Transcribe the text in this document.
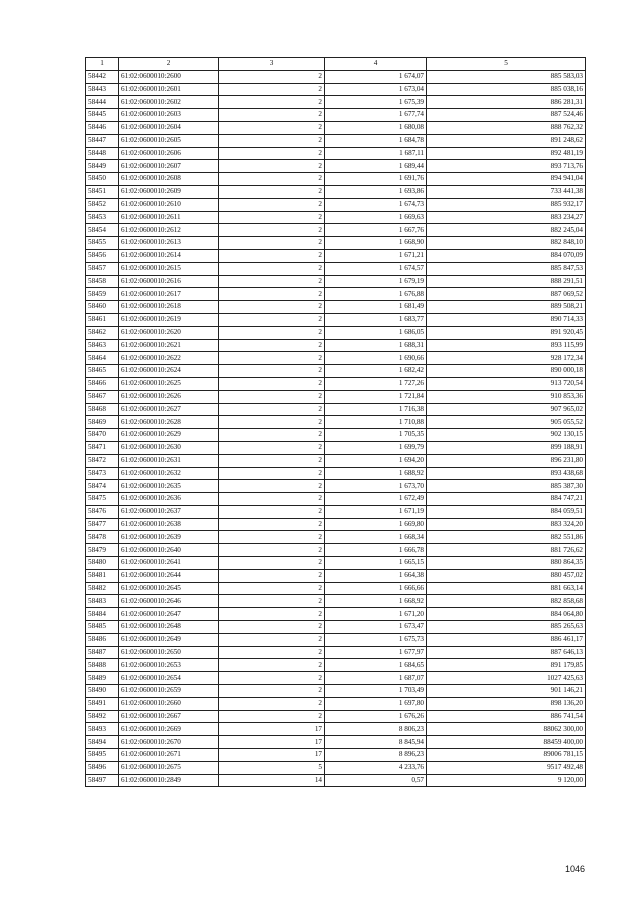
1	2	3	4	5
58442	61:02:0600010:2600	2	1 674,07	885 583,03
58443	61:02:0600010:2601	2	1 673,04	885 038,16
58444	61:02:0600010:2602	2	1 675,39	886 281,31
58445	61:02:0600010:2603	2	1 677,74	887 524,46
58446	61:02:0600010:2604	2	1 680,08	888 762,32
58447	61:02:0600010:2605	2	1 684,78	891 248,62
58448	61:02:0600010:2606	2	1 687,11	892 481,19
58449	61:02:0600010:2607	2	1 689,44	893 713,76
58450	61:02:0600010:2608	2	1 691,76	894 941,04
58451	61:02:0600010:2609	2	1 693,86	733 441,38
58452	61:02:0600010:2610	2	1 674,73	885 932,17
58453	61:02:0600010:2611	2	1 669,63	883 234,27
58454	61:02:0600010:2612	2	1 667,76	882 245,04
58455	61:02:0600010:2613	2	1 668,90	882 848,10
58456	61:02:0600010:2614	2	1 671,21	884 070,09
58457	61:02:0600010:2615	2	1 674,57	885 847,53
58458	61:02:0600010:2616	2	1 679,19	888 291,51
58459	61:02:0600010:2617	2	1 676,88	887 069,52
58460	61:02:0600010:2618	2	1 681,49	889 508,21
58461	61:02:0600010:2619	2	1 683,77	890 714,33
58462	61:02:0600010:2620	2	1 686,05	891 920,45
58463	61:02:0600010:2621	2	1 688,31	893 115,99
58464	61:02:0600010:2622	2	1 690,66	928 172,34
58465	61:02:0600010:2624	2	1 682,42	890 000,18
58466	61:02:0600010:2625	2	1 727,26	913 720,54
58467	61:02:0600010:2626	2	1 721,84	910 853,36
58468	61:02:0600010:2627	2	1 716,38	907 965,02
58469	61:02:0600010:2628	2	1 710,88	905 055,52
58470	61:02:0600010:2629	2	1 705,35	902 130,15
58471	61:02:0600010:2630	2	1 699,79	899 188,91
58472	61:02:0600010:2631	2	1 694,20	896 231,80
58473	61:02:0600010:2632	2	1 688,92	893 438,68
58474	61:02:0600010:2635	2	1 673,70	885 387,30
58475	61:02:0600010:2636	2	1 672,49	884 747,21
58476	61:02:0600010:2637	2	1 671,19	884 059,51
58477	61:02:0600010:2638	2	1 669,80	883 324,20
58478	61:02:0600010:2639	2	1 668,34	882 551,86
58479	61:02:0600010:2640	2	1 666,78	881 726,62
58480	61:02:0600010:2641	2	1 665,15	880 864,35
58481	61:02:0600010:2644	2	1 664,38	880 457,02
58482	61:02:0600010:2645	2	1 666,66	881 663,14
58483	61:02:0600010:2646	2	1 668,92	882 858,68
58484	61:02:0600010:2647	2	1 671,20	884 064,80
58485	61:02:0600010:2648	2	1 673,47	885 265,63
58486	61:02:0600010:2649	2	1 675,73	886 461,17
58487	61:02:0600010:2650	2	1 677,97	887 646,13
58488	61:02:0600010:2653	2	1 684,65	891 179,85
58489	61:02:0600010:2654	2	1 687,07	1027 425,63
58490	61:02:0600010:2659	2	1 703,49	901 146,21
58491	61:02:0600010:2660	2	1 697,80	898 136,20
58492	61:02:0600010:2667	2	1 676,26	886 741,54
58493	61:02:0600010:2669	17	8 806,23	88062 300,00
58494	61:02:0600010:2670	17	8 845,94	88459 400,00
58495	61:02:0600010:2671	17	8 896,23	89006 781,15
58496	61:02:0600010:2675	5	4 233,76	9517 492,48
58497	61:02:0600010:2849	14	0,57	9 120,00
1046
